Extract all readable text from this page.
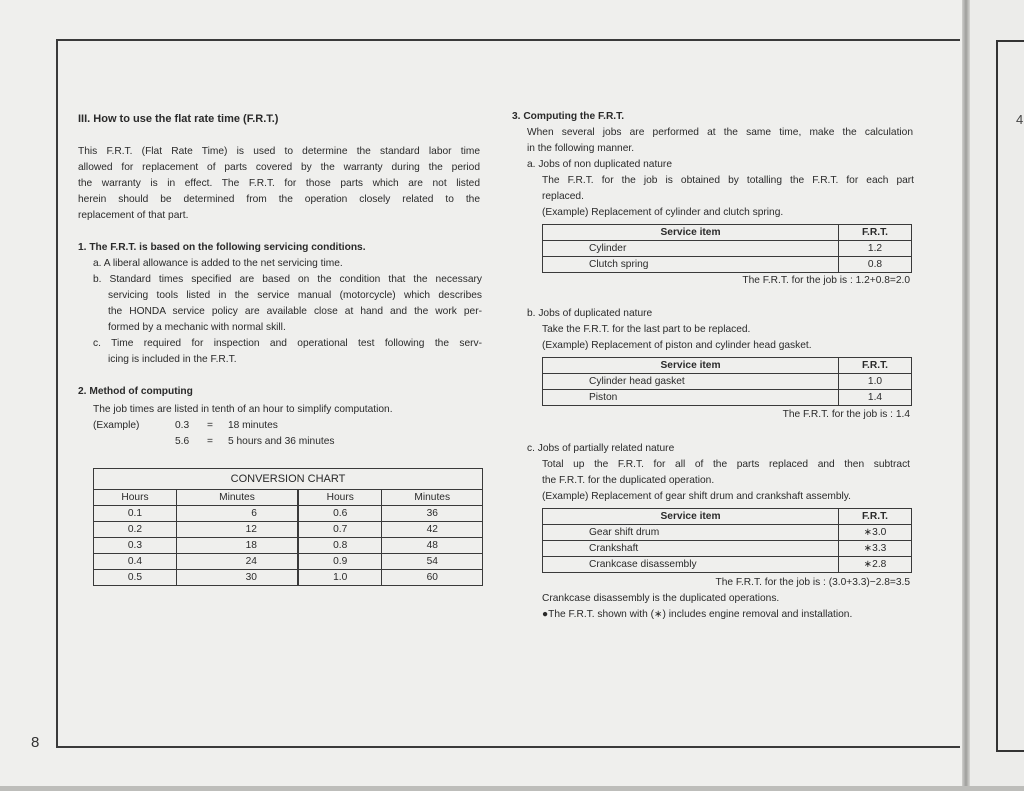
4
8
III. How to use the flat rate time (F.R.T.)
This F.R.T. (Flat Rate Time) is used to determine the standard labor time
allowed for replacement of parts covered by the warranty during the period
the warranty is in effect. The F.R.T. for those parts which are not listed
herein should be determined from the operation closely related to the
replacement of that part.
1. The F.R.T. is based on the following servicing conditions.
a. A liberal allowance is added to the net servicing time.
b. Standard times specified are based on the condition that the necessary
servicing tools listed in the service manual (motorcycle) which describes
the HONDA service policy are available close at hand and the work per-
formed by a mechanic with normal skill.
c. Time required for inspection and operational test following the serv-
icing is included in the F.R.T.
2. Method of computing
The job times are listed in tenth of an hour to simplify computation.
(Example)	0.3 = 18 minutes
5.6 = 5 hours and 36 minutes
CONVERSION CHART			
Hours	Minutes	Hours	Minutes
0.1	6	0.6	36
0.2	12	0.7	42
0.3	18	0.8	48
0.4	24	0.9	54
0.5	30	1.0	60
3. Computing the F.R.T.
When several jobs are performed at the same time, make the calculation
in the following manner.
a. Jobs of non duplicated nature
The F.R.T. for the job is obtained by totalling the F.R.T. for each part
replaced.
(Example) Replacement of cylinder and clutch spring.
Service item	F.R.T.
Cylinder	1.2
Clutch spring	0.8
The F.R.T. for the job is : 1.2+0.8=2.0
b. Jobs of duplicated nature
Take the F.R.T. for the last part to be replaced.
(Example) Replacement of piston and cylinder head gasket.
Service item	F.R.T.
Cylinder head gasket	1.0
Piston	1.4
The F.R.T. for the job is : 1.4
c. Jobs of partially related nature
Total up the F.R.T. for all of the parts replaced and then subtract
the F.R.T. for the duplicated operation.
(Example) Replacement of gear shift drum and crankshaft assembly.
Service item	F.R.T.
Gear shift drum	∗3.0
Crankshaft	∗3.3
Crankcase disassembly	∗2.8
The F.R.T. for the job is : (3.0+3.3)−2.8=3.5
Crankcase disassembly is the duplicated operations.
●The F.R.T. shown with (∗) includes engine removal and installation.
